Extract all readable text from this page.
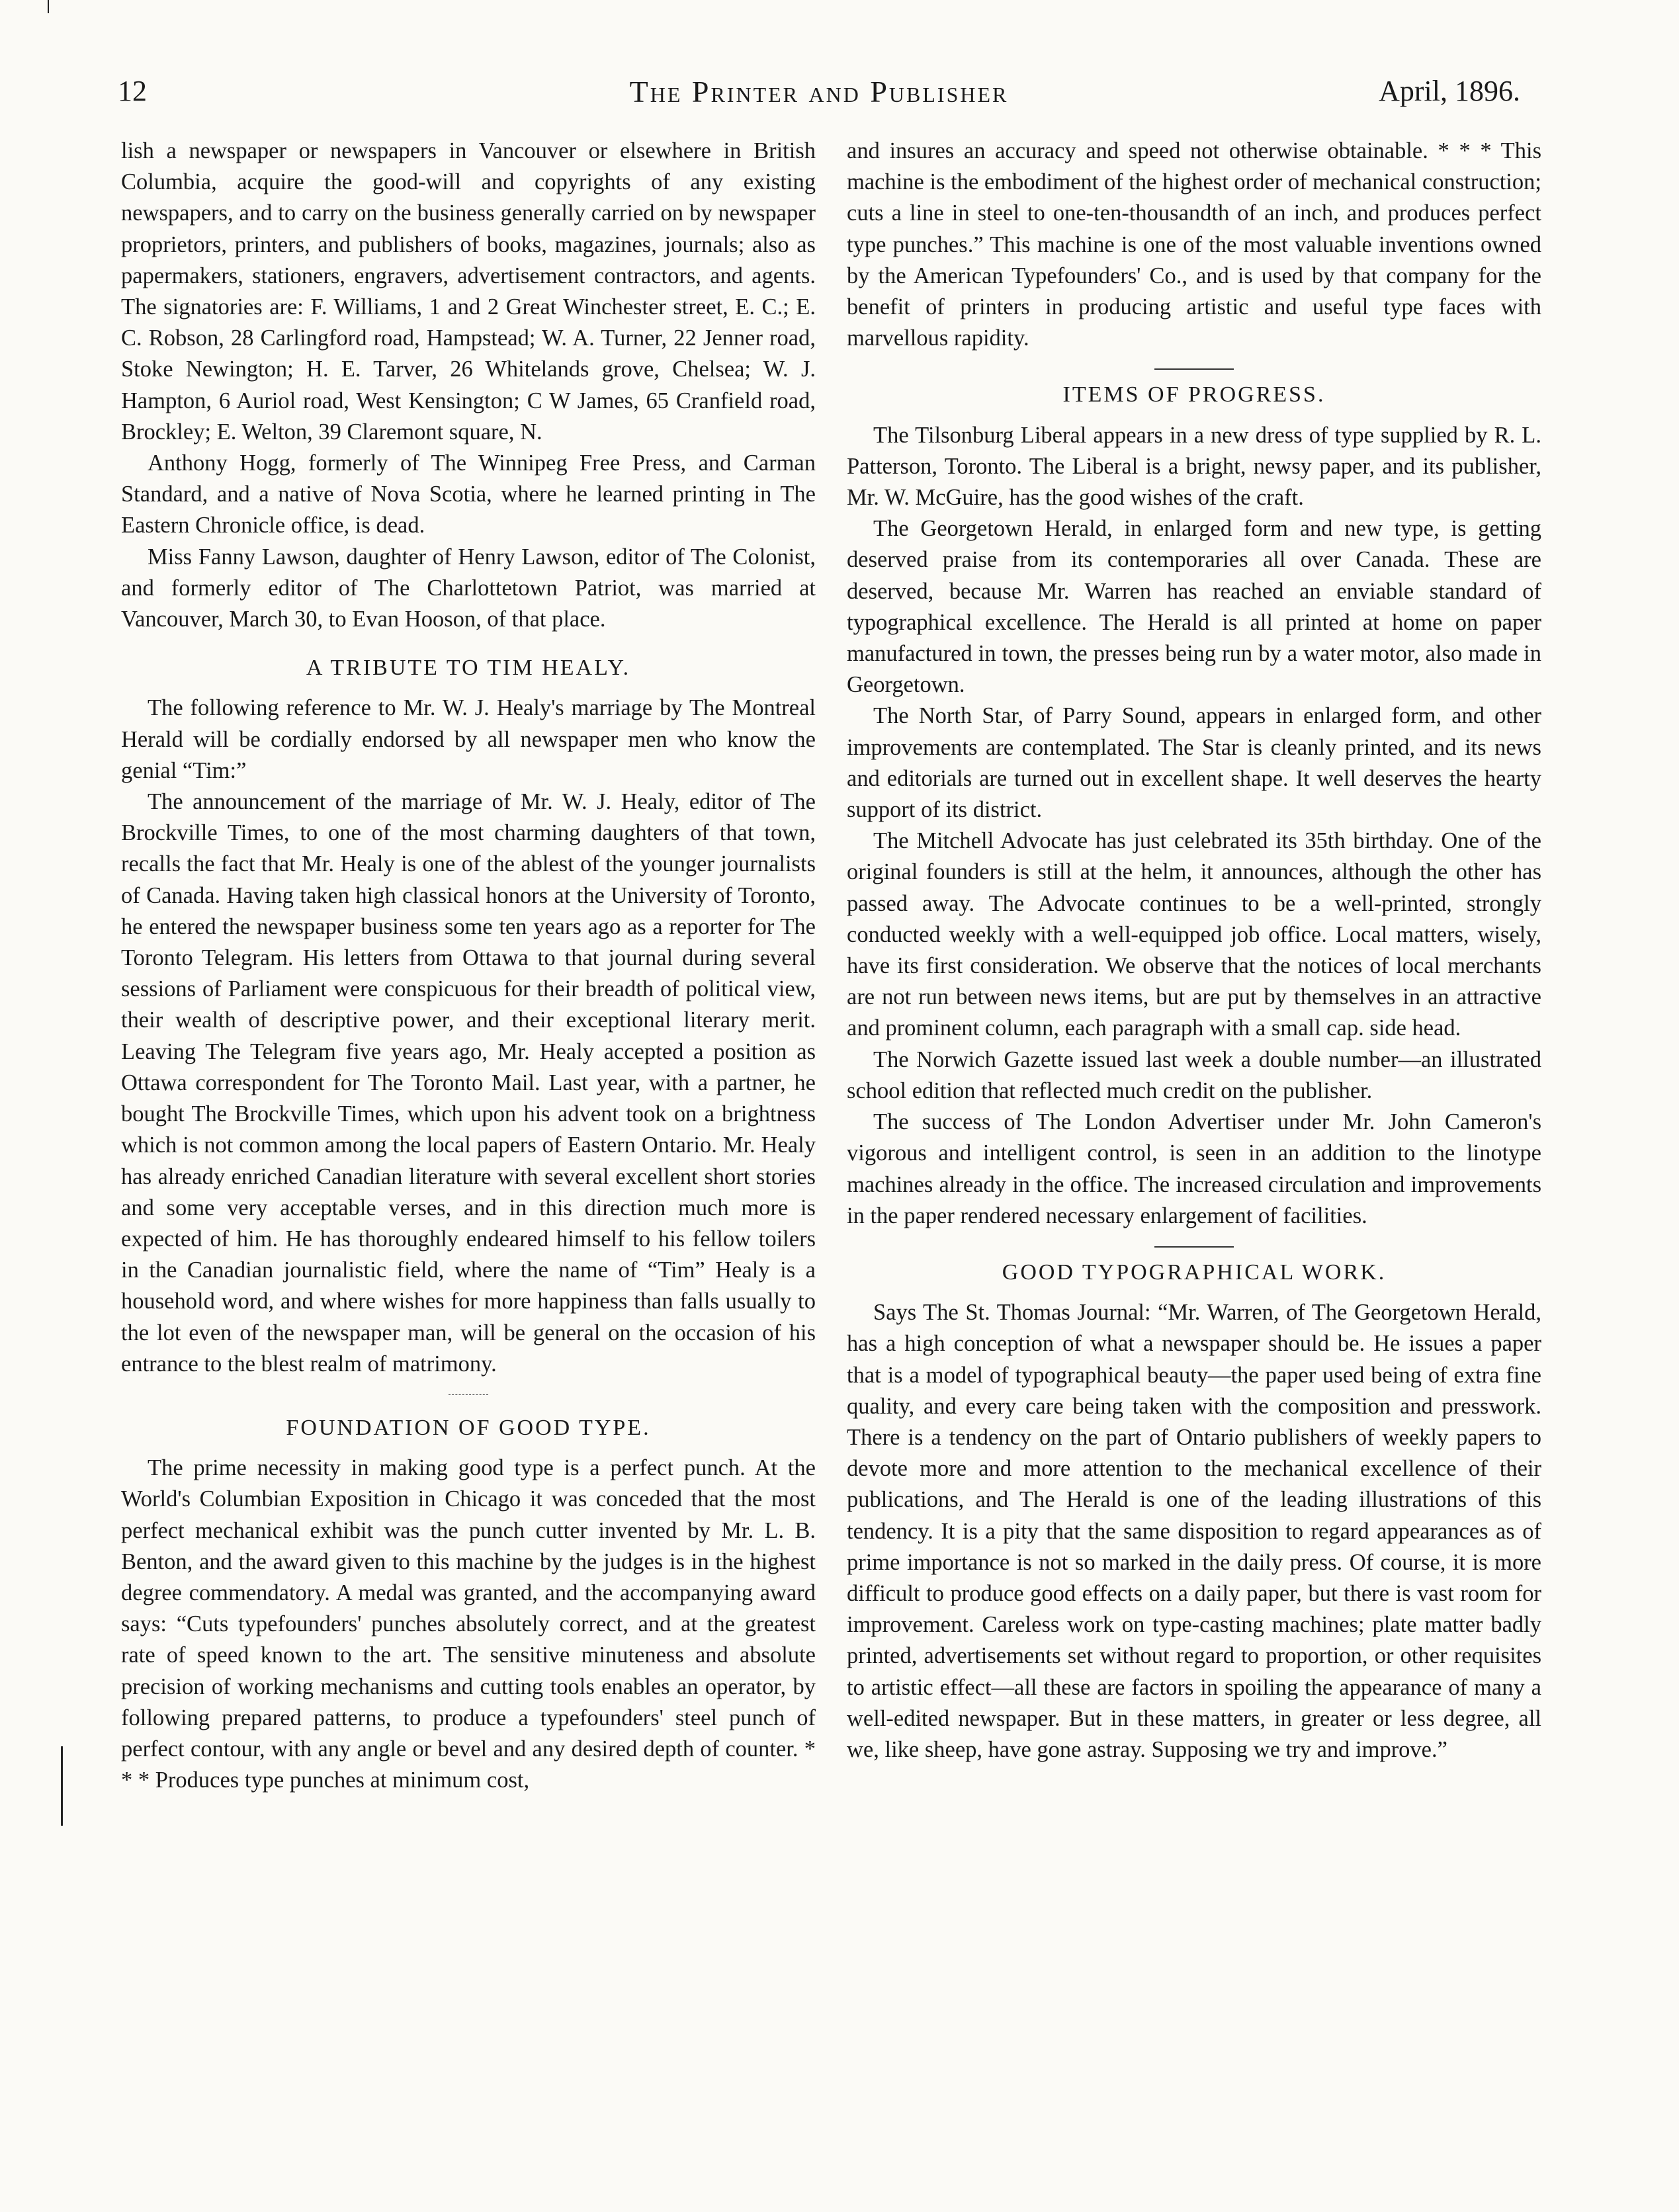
12	The Printer and Publisher	April, 1896.

lish a newspaper or newspapers in Vancouver or elsewhere in British Columbia, acquire the good-will and copyrights of any existing newspapers, and to carry on the business generally carried on by newspaper proprietors, printers, and publishers of books, magazines, journals; also as papermakers, stationers, engravers, advertisement contractors, and agents. The signatories are: F. Williams, 1 and 2 Great Winchester street, E. C.; E. C. Robson, 28 Carlingford road, Hampstead; W. A. Turner, 22 Jenner road, Stoke Newington; H. E. Tarver, 26 Whitelands grove, Chelsea; W. J. Hampton, 6 Auriol road, West Kensington; C W James, 65 Cranfield road, Brockley; E. Welton, 39 Claremont square, N.

Anthony Hogg, formerly of The Winnipeg Free Press, and Carman Standard, and a native of Nova Scotia, where he learned printing in The Eastern Chronicle office, is dead.

Miss Fanny Lawson, daughter of Henry Lawson, editor of The Colonist, and formerly editor of The Charlottetown Patriot, was married at Vancouver, March 30, to Evan Hooson, of that place.

A TRIBUTE TO TIM HEALY.

The following reference to Mr. W. J. Healy's marriage by The Montreal Herald will be cordially endorsed by all newspaper men who know the genial “Tim:”

The announcement of the marriage of Mr. W. J. Healy, editor of The Brockville Times, to one of the most charming daughters of that town, recalls the fact that Mr. Healy is one of the ablest of the younger journalists of Canada. Having taken high classical honors at the University of Toronto, he entered the newspaper business some ten years ago as a reporter for The Toronto Telegram. His letters from Ottawa to that journal during several sessions of Parliament were conspicuous for their breadth of political view, their wealth of descriptive power, and their exceptional literary merit. Leaving The Telegram five years ago, Mr. Healy accepted a position as Ottawa correspondent for The Toronto Mail. Last year, with a partner, he bought The Brockville Times, which upon his advent took on a brightness which is not common among the local papers of Eastern Ontario. Mr. Healy has already enriched Canadian literature with several excellent short stories and some very acceptable verses, and in this direction much more is expected of him. He has thoroughly endeared himself to his fellow toilers in the Canadian journalistic field, where the name of “Tim” Healy is a household word, and where wishes for more happiness than falls usually to the lot even of the newspaper man, will be general on the occasion of his entrance to the blest realm of matrimony.

FOUNDATION OF GOOD TYPE.

The prime necessity in making good type is a perfect punch. At the World's Columbian Exposition in Chicago it was conceded that the most perfect mechanical exhibit was the punch cutter invented by Mr. L. B. Benton, and the award given to this machine by the judges is in the highest degree commendatory. A medal was granted, and the accompanying award says: “Cuts typefounders' punches absolutely correct, and at the greatest rate of speed known to the art. The sensitive minuteness and absolute precision of working mechanisms and cutting tools enables an operator, by following prepared patterns, to produce a typefounders' steel punch of perfect contour, with any angle or bevel and any desired depth of counter. * * * Produces type punches at minimum cost,

and insures an accuracy and speed not otherwise obtainable. * * * This machine is the embodiment of the highest order of mechanical construction; cuts a line in steel to one-ten-thousandth of an inch, and produces perfect type punches.” This machine is one of the most valuable inventions owned by the American Typefounders' Co., and is used by that company for the benefit of printers in producing artistic and useful type faces with marvellous rapidity.

ITEMS OF PROGRESS.

The Tilsonburg Liberal appears in a new dress of type supplied by R. L. Patterson, Toronto. The Liberal is a bright, newsy paper, and its publisher, Mr. W. McGuire, has the good wishes of the craft.

The Georgetown Herald, in enlarged form and new type, is getting deserved praise from its contemporaries all over Canada. These are deserved, because Mr. Warren has reached an enviable standard of typographical excellence. The Herald is all printed at home on paper manufactured in town, the presses being run by a water motor, also made in Georgetown.

The North Star, of Parry Sound, appears in enlarged form, and other improvements are contemplated. The Star is cleanly printed, and its news and editorials are turned out in excellent shape. It well deserves the hearty support of its district.

The Mitchell Advocate has just celebrated its 35th birthday. One of the original founders is still at the helm, it announces, although the other has passed away. The Advocate continues to be a well-printed, strongly conducted weekly with a well-equipped job office. Local matters, wisely, have its first consideration. We observe that the notices of local merchants are not run between news items, but are put by themselves in an attractive and prominent column, each paragraph with a small cap. side head.

The Norwich Gazette issued last week a double number—an illustrated school edition that reflected much credit on the publisher.

The success of The London Advertiser under Mr. John Cameron's vigorous and intelligent control, is seen in an addition to the linotype machines already in the office. The increased circulation and improvements in the paper rendered necessary enlargement of facilities.

GOOD TYPOGRAPHICAL WORK.

Says The St. Thomas Journal: “Mr. Warren, of The Georgetown Herald, has a high conception of what a newspaper should be. He issues a paper that is a model of typographical beauty—the paper used being of extra fine quality, and every care being taken with the composition and presswork. There is a tendency on the part of Ontario publishers of weekly papers to devote more and more attention to the mechanical excellence of their publications, and The Herald is one of the leading illustrations of this tendency. It is a pity that the same disposition to regard appearances as of prime importance is not so marked in the daily press. Of course, it is more difficult to produce good effects on a daily paper, but there is vast room for improvement. Careless work on type-casting machines; plate matter badly printed, advertisements set without regard to proportion, or other requisites to artistic effect—all these are factors in spoiling the appearance of many a well-edited newspaper. But in these matters, in greater or less degree, all we, like sheep, have gone astray. Supposing we try and improve.”
